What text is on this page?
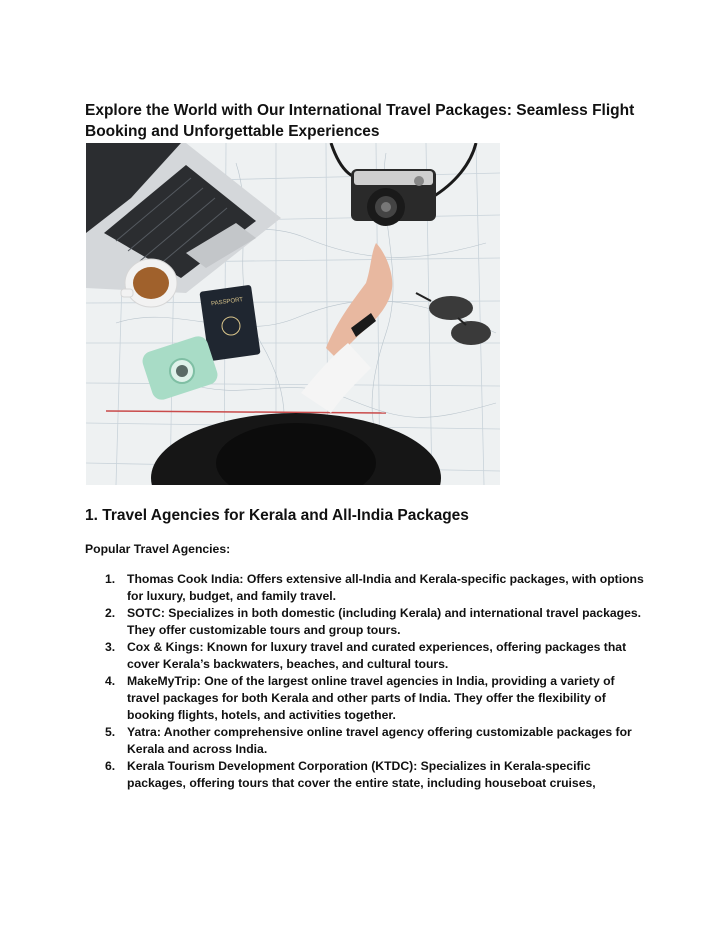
Explore the World with Our International Travel Packages: Seamless Flight Booking and Unforgettable Experiences
PASSPORT
1. Travel Agencies for Kerala and All-India Packages
Popular Travel Agencies:
1. Thomas Cook India: Offers extensive all-India and Kerala-specific packages, with options for luxury, budget, and family travel.
2. SOTC: Specializes in both domestic (including Kerala) and international travel packages. They offer customizable tours and group tours.
3. Cox & Kings: Known for luxury travel and curated experiences, offering packages that cover Kerala’s backwaters, beaches, and cultural tours.
4. MakeMyTrip: One of the largest online travel agencies in India, providing a variety of travel packages for both Kerala and other parts of India. They offer the flexibility of booking flights, hotels, and activities together.
5. Yatra: Another comprehensive online travel agency offering customizable packages for Kerala and across India.
6. Kerala Tourism Development Corporation (KTDC): Specializes in Kerala-specific packages, offering tours that cover the entire state, including houseboat cruises,
